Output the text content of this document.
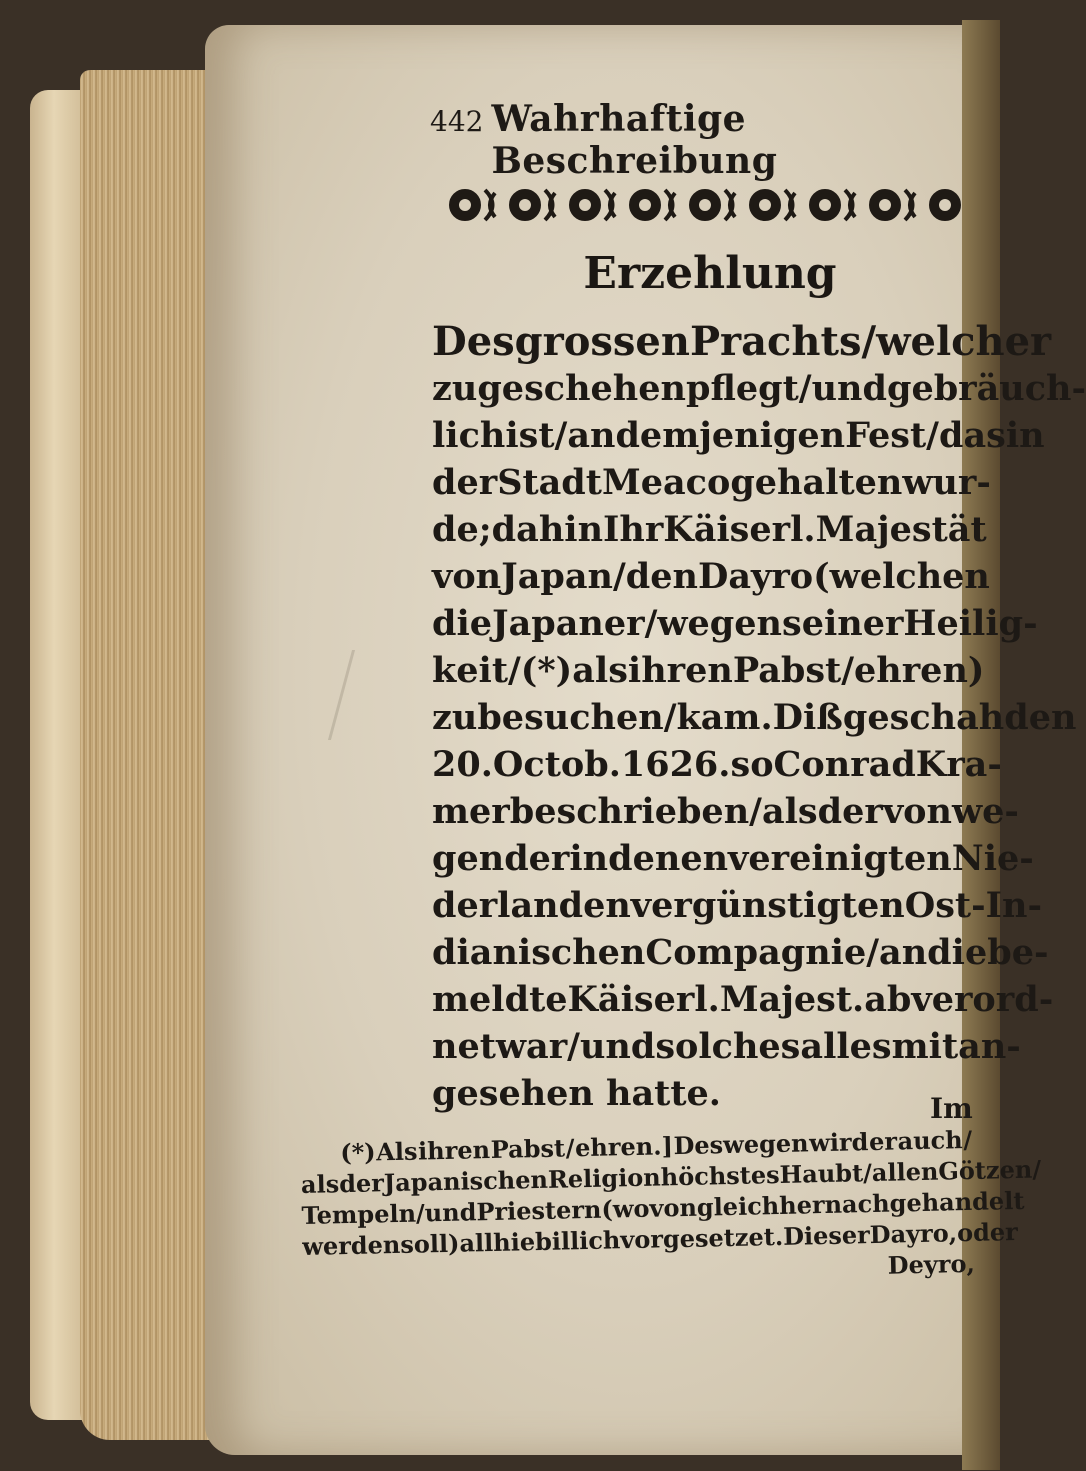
442 Wahrhaftige Beschreibung
Erzehlung
Des grossen Prachts / welcher
zu geschehen pflegt / und gebräuch-
lich ist / an demjenigen Fest / das in
der Stadt Meaco gehalten wur-
de ; dahin Ihr Käiserl. Majestät
von Japan / den Dayro (welchen
die Japaner / wegen seiner Heilig-
keit / (*) als ihren Pabst / ehren)
zubesuchen / kam. Diß geschah den
20. Octob. 1626. so Conrad Kra-
mer beschrieben / als der von we-
gen der in denen vereinigten Nie-
derlanden vergünstigten Ost-In-
dianischen Compagnie / an die be-
meldte Käiserl. Majest. abverord-
net war / und solches alles mit an-
gesehen hatte.	Im
(*) Als ihren Pabst / ehren.] Deswegen wird er auch /
als der Japanischen Religion höchstes Haubt / allen Götzen /
Tempeln / und Priestern (wovon gleich hernach gehandelt
werden soll) allhie billich vorgesetzet. Dieser Dayro, oder
Deyro,
